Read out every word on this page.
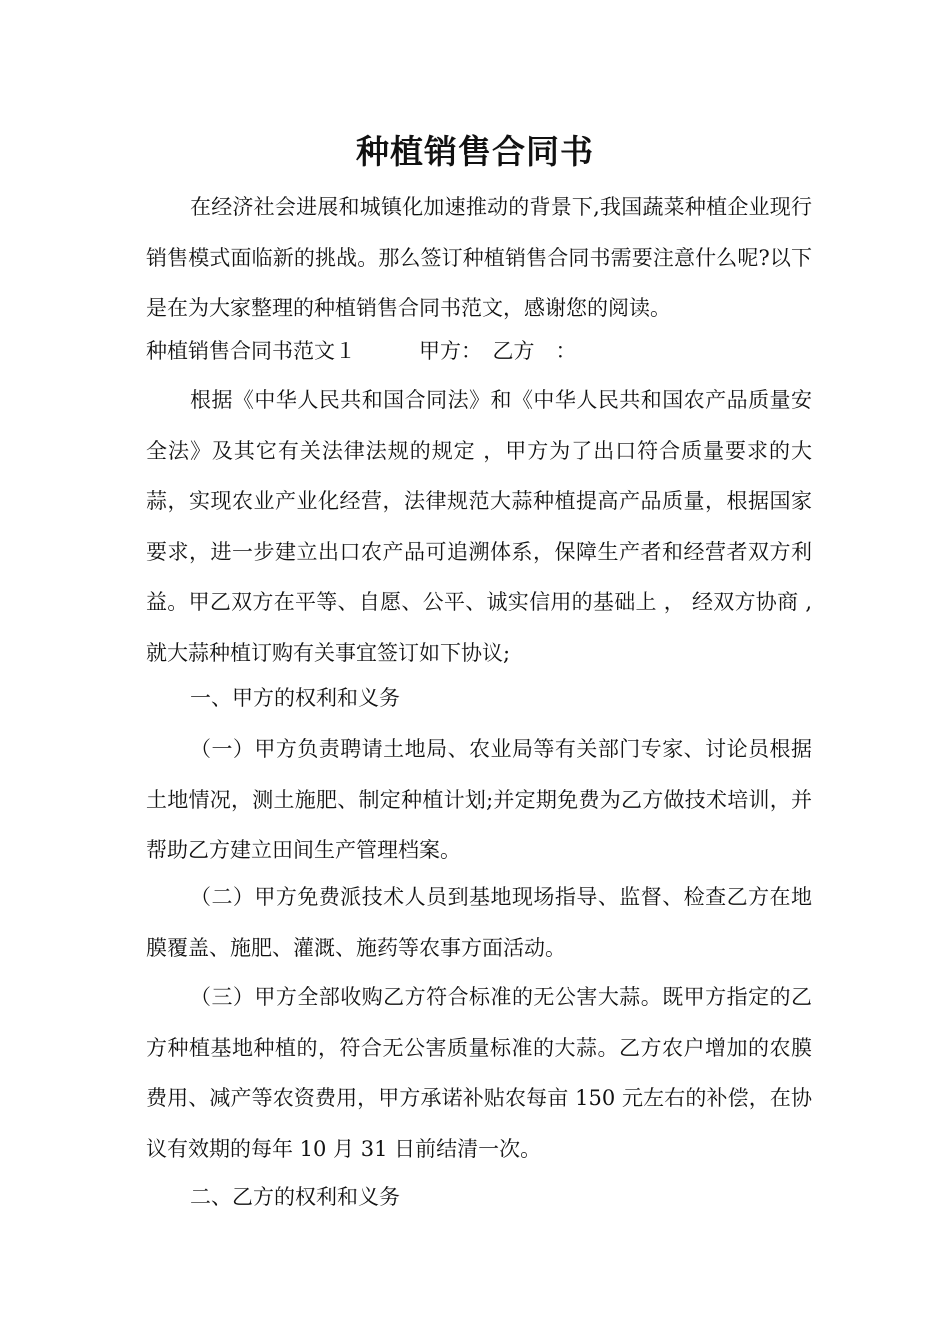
种植销售合同书

在经济社会进展和城镇化加速推动的背景下,我国蔬菜种植企业现行销售模式面临新的挑战。那么签订种植销售合同书需要注意什么呢?以下是在为大家整理的种植销售合同书范文，感谢您的阅读。

种植销售合同书范文１　　　甲方：　乙方　：

根据《中华人民共和国合同法》和《中华人民共和国农产品质量安全法》及其它有关法律法规的规定 ，甲方为了出口符合质量要求的大蒜，实现农业产业化经营，法律规范大蒜种植提高产品质量，根据国家要求，进一步建立出口农产品可追溯体系，保障生产者和经营者双方利益。甲乙双方在平等、自愿、公平、诚实信用的基础上 ， 经双方协商 ,就大蒜种植订购有关事宜签订如下协议;

一、甲方的权利和义务

（一）甲方负责聘请土地局、农业局等有关部门专家、讨论员根据土地情况，测土施肥、制定种植计划;并定期免费为乙方做技术培训，并帮助乙方建立田间生产管理档案。

（二）甲方免费派技术人员到基地现场指导、监督、检查乙方在地膜覆盖、施肥、灌溉、施药等农事方面活动。

（三）甲方全部收购乙方符合标准的无公害大蒜。既甲方指定的乙方种植基地种植的，符合无公害质量标准的大蒜。乙方农户增加的农膜费用、减产等农资费用，甲方承诺补贴农每亩 150 元左右的补偿，在协议有效期的每年 10 月 31 日前结清一次。

二、乙方的权利和义务
